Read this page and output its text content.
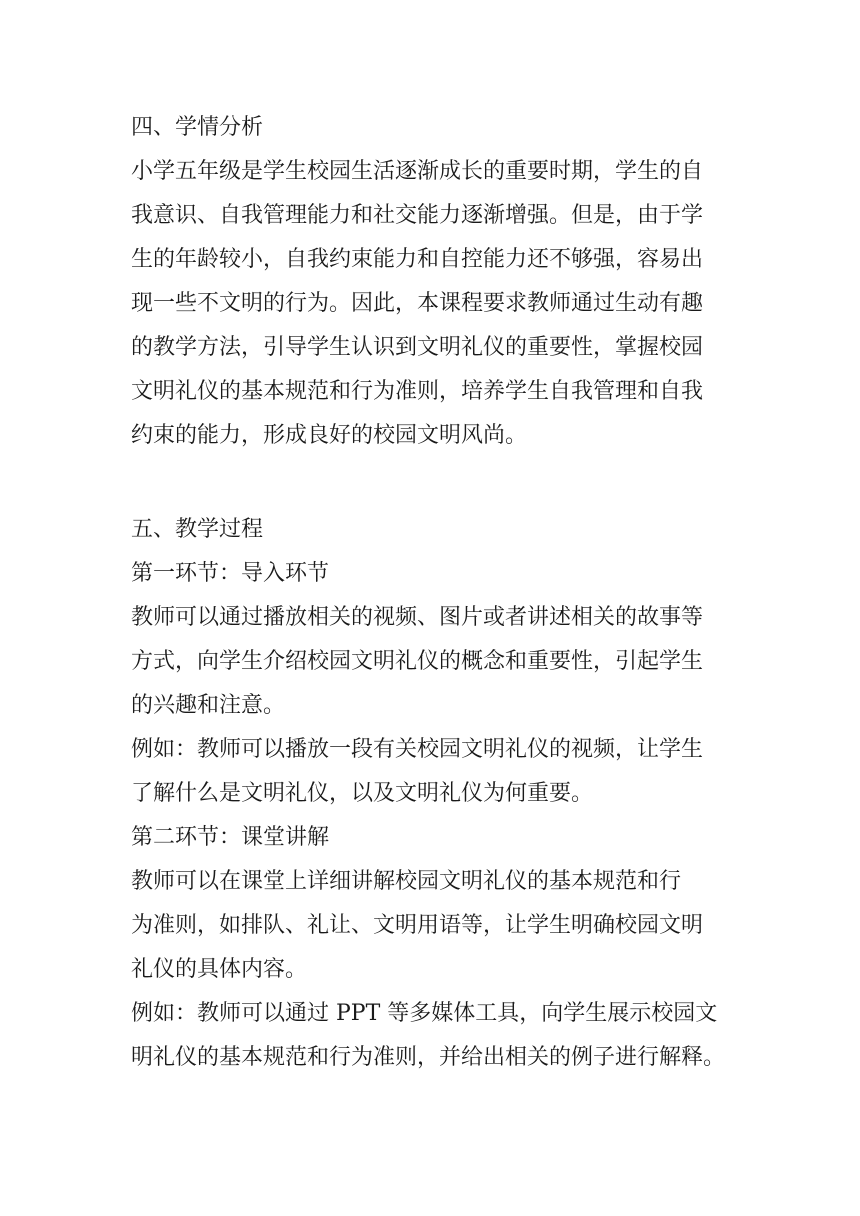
四、学情分析

小学五年级是学生校园生活逐渐成长的重要时期，学生的自

我意识、自我管理能力和社交能力逐渐增强。但是，由于学

生的年龄较小，自我约束能力和自控能力还不够强，容易出

现一些不文明的行为。因此，本课程要求教师通过生动有趣

的教学方法，引导学生认识到文明礼仪的重要性，掌握校园

文明礼仪的基本规范和行为准则，培养学生自我管理和自我

约束的能力，形成良好的校园文明风尚。

五、教学过程

第一环节：导入环节

教师可以通过播放相关的视频、图片或者讲述相关的故事等

方式，向学生介绍校园文明礼仪的概念和重要性，引起学生

的兴趣和注意。

例如：教师可以播放一段有关校园文明礼仪的视频，让学生

了解什么是文明礼仪，以及文明礼仪为何重要。

第二环节：课堂讲解

教师可以在课堂上详细讲解校园文明礼仪的基本规范和行

为准则，如排队、礼让、文明用语等，让学生明确校园文明

礼仪的具体内容。

例如：教师可以通过 PPT 等多媒体工具，向学生展示校园文

明礼仪的基本规范和行为准则，并给出相关的例子进行解释。
